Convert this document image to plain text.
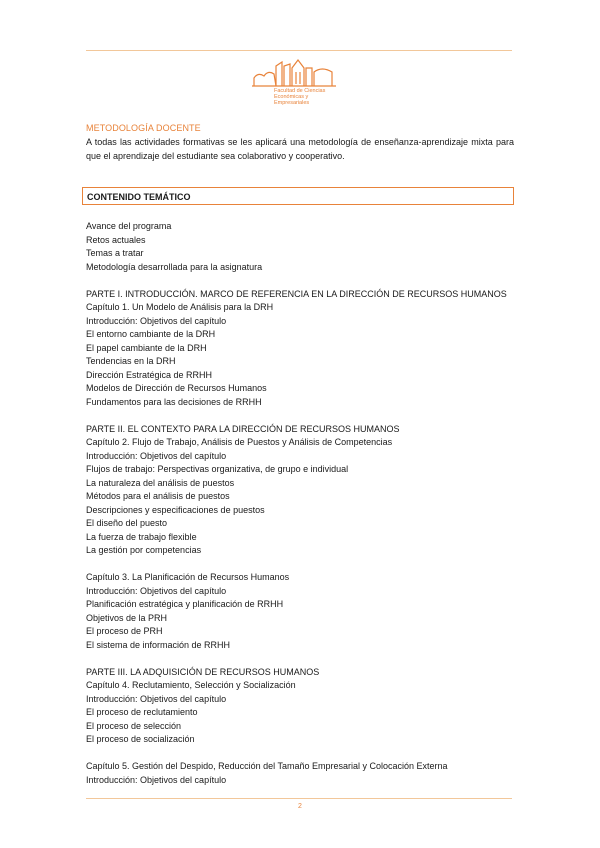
Facultad de Ciencias Económicas y Empresariales
METODOLOGÍA DOCENTE
A todas las actividades formativas se les aplicará una metodología de enseñanza-aprendizaje mixta para que el aprendizaje del estudiante sea colaborativo y cooperativo.
CONTENIDO TEMÁTICO
Avance del programa
Retos actuales
Temas a tratar
Metodología desarrollada para la asignatura
PARTE I. INTRODUCCIÓN. MARCO DE REFERENCIA EN LA DIRECCIÓN DE RECURSOS HUMANOS
Capítulo 1. Un Modelo de Análisis para la DRH
Introducción: Objetivos del capítulo
El entorno cambiante de la DRH
El papel cambiante de la DRH
Tendencias en la DRH
Dirección Estratégica de RRHH
Modelos de Dirección de Recursos Humanos
Fundamentos para las decisiones de RRHH
PARTE II. EL CONTEXTO PARA LA DIRECCIÓN DE RECURSOS HUMANOS
Capítulo 2. Flujo de Trabajo, Análisis de Puestos y Análisis de Competencias
Introducción: Objetivos del capítulo
Flujos de trabajo: Perspectivas organizativa, de grupo e individual
La naturaleza del análisis de puestos
Métodos para el análisis de puestos
Descripciones y especificaciones de puestos
El diseño del puesto
La fuerza de trabajo flexible
La gestión por competencias
Capítulo 3. La Planificación de Recursos Humanos
Introducción: Objetivos del capítulo
Planificación estratégica y planificación de RRHH
Objetivos de la PRH
El proceso de PRH
El sistema de información de RRHH
PARTE III. LA ADQUISICIÓN DE RECURSOS HUMANOS
Capítulo 4. Reclutamiento, Selección y Socialización
Introducción: Objetivos del capítulo
El proceso de reclutamiento
El proceso de selección
El proceso de socialización
Capítulo 5. Gestión del Despido, Reducción del Tamaño Empresarial y Colocación Externa
Introducción: Objetivos del capítulo
2
